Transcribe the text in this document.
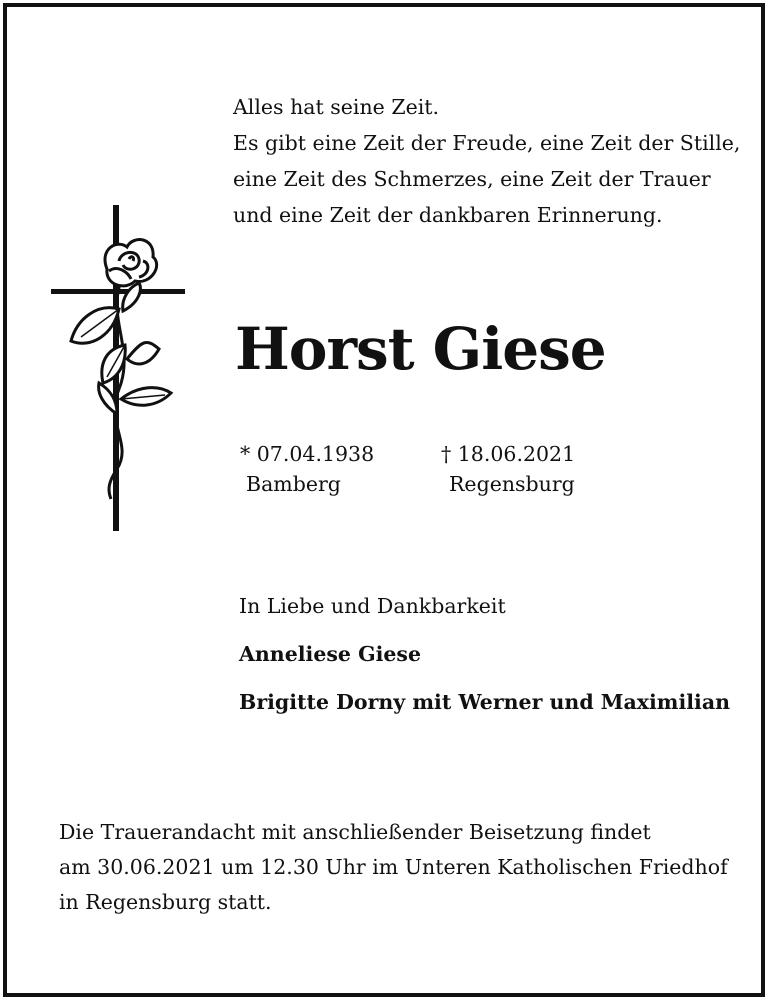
Alles hat seine Zeit.
Es gibt eine Zeit der Freude, eine Zeit der Stille,
eine Zeit des Schmerzes, eine Zeit der Trauer
und eine Zeit der dankbaren Erinnerung.
Horst Giese
* 07.04.1938
Bamberg
† 18.06.2021
Regensburg
In Liebe und Dankbarkeit
Anneliese Giese
Brigitte Dorny mit Werner und Maximilian
Die Trauerandacht mit anschließender Beisetzung findet
am 30.06.2021 um 12.30 Uhr im Unteren Katholischen Friedhof
in Regensburg statt.
